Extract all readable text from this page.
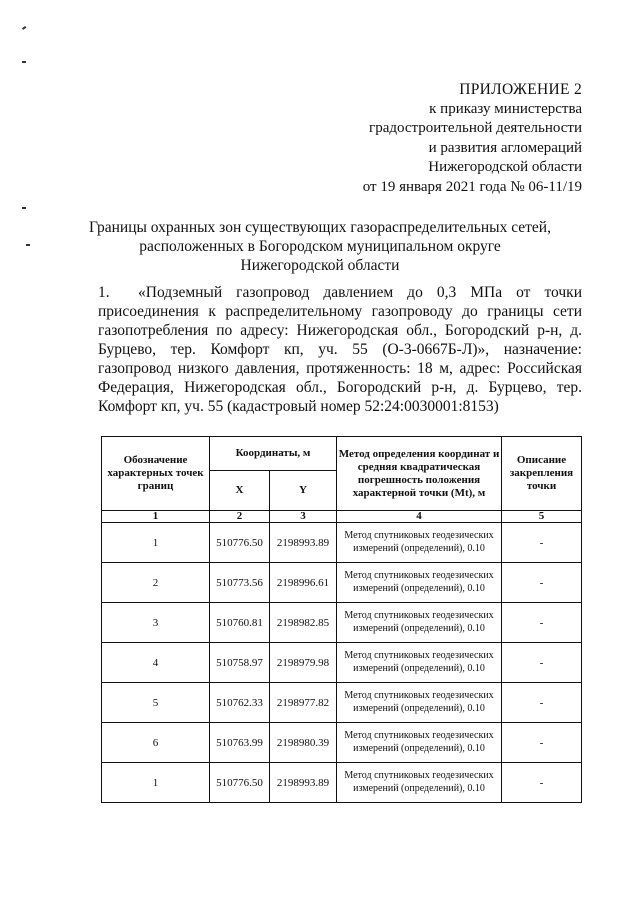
ПРИЛОЖЕНИЕ 2
к приказу министерства
градостроительной деятельности
и развития агломераций
Нижегородской области
от 19 января 2021 года № 06-11/19
Границы охранных зон существующих газораспределительных сетей,
расположенных в Богородском муниципальном округе
Нижегородской области
1. «Подземный газопровод давлением до 0,3 МПа от точки присоединения к распределительному газопроводу до границы сети газопотребления по адресу: Нижегородская обл., Богородский р-н, д. Бурцево, тер. Комфорт кп, уч. 55 (О-3-0667Б-Л)», назначение: газопровод низкого давления, протяженность: 18 м, адрес: Российская Федерация, Нижегородская обл., Богородский р-н, д. Бурцево, тер. Комфорт кп, уч. 55 (кадастровый номер 52:24:0030001:8153)
Обозначение характерных точек границ	Координаты, м		Метод определения координат и средняя квадратическая погрешность положения характерной точки (Mt), м	Описание закрепления точки
	X	Y		
1	2	3	4	5
1	510776.50	2198993.89	Метод спутниковых геодезических измерений (определений), 0.10	-
2	510773.56	2198996.61	Метод спутниковых геодезических измерений (определений), 0.10	-
3	510760.81	2198982.85	Метод спутниковых геодезических измерений (определений), 0.10	-
4	510758.97	2198979.98	Метод спутниковых геодезических измерений (определений), 0.10	-
5	510762.33	2198977.82	Метод спутниковых геодезических измерений (определений), 0.10	-
6	510763.99	2198980.39	Метод спутниковых геодезических измерений (определений), 0.10	-
1	510776.50	2198993.89	Метод спутниковых геодезических измерений (определений), 0.10	-
